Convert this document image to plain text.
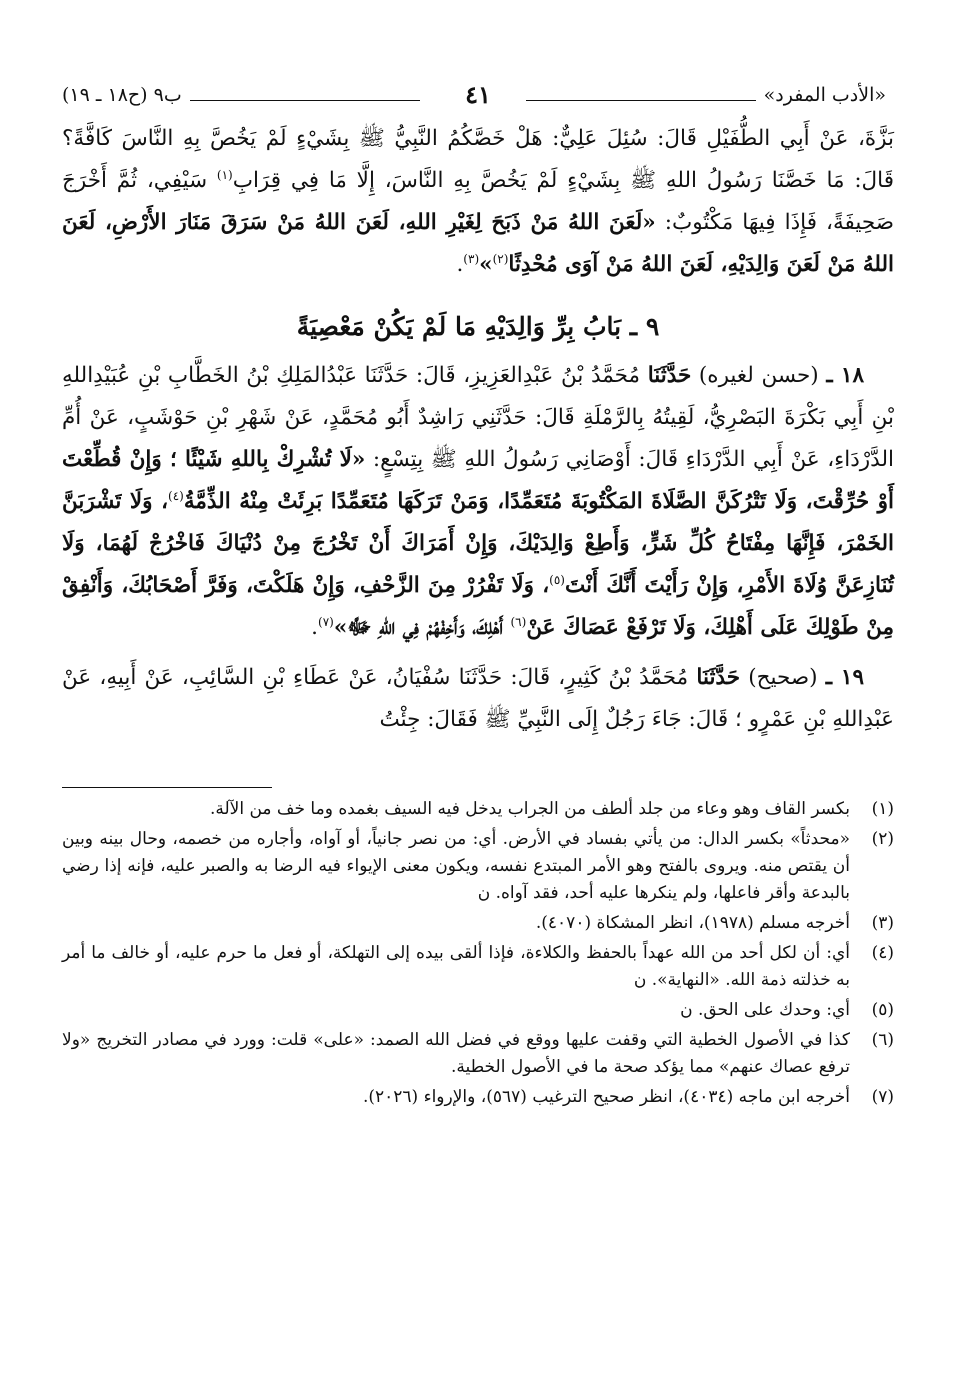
«الأدب المفرد»
٤١
ب٩ (ح١٨ ـ ١٩)

بَزَّةَ، عَنْ أَبِي الطُّفَيْلِ قَالَ: سُئِلَ عَلِيٌّ: هَلْ خَصَّكُمُ النَّبِيُّ ﷺ بِشَيْءٍ لَمْ يَخُصَّ بِهِ النَّاسَ كَافَّةً؟ قَالَ: مَا خَصَّنَا رَسُولُ اللهِ ﷺ بِشَيْءٍ لَمْ يَخُصَّ بِهِ النَّاسَ، إِلَّا مَا فِي قِرَابِ$^{(١)}$ سَيْفِي، ثُمَّ أَخْرَجَ صَحِيفَةً، فَإِذَا فِيهَا مَكْتُوبٌ: «لَعَنَ اللهُ مَنْ ذَبَحَ لِغَيْرِ اللهِ، لَعَنَ اللهُ مَنْ سَرَقَ مَنَارَ الأَرْضِ، لَعَنَ اللهُ مَنْ لَعَنَ وَالِدَيْهِ، لَعَنَ اللهُ مَنْ آوَى مُحْدِثًا$^{(٢)}$»$^{(٣)}$.

٩ ـ بَابُ بِرِّ وَالِدَيْهِ مَا لَمْ يَكُنْ مَعْصِيَةً

١٨ ـ (حسن لغيره) حَدَّثَنَا مُحَمَّدُ بْنُ عَبْدِالعَزِيزِ، قَالَ: حَدَّثَنَا عَبْدُالمَلِكِ بْنُ الخَطَّابِ بْنِ عُبَيْدِاللهِ بْنِ أَبِي بَكْرَةَ البَصْرِيُّ، لَقِيتُهُ بِالرَّمْلَةِ قَالَ: حَدَّثَنِي رَاشِدٌ أَبُو مُحَمَّدٍ، عَنْ شَهْرِ بْنِ حَوْشَبٍ، عَنْ أُمِّ الدَّرْدَاءِ، عَنْ أَبِي الدَّرْدَاءِ قَالَ: أَوْصَانِي رَسُولُ اللهِ ﷺ بِتِسْعٍ: «لَا تُشْرِكْ بِاللهِ شَيْئًا ؛ وَإِنْ قُطِّعْتَ أَوْ حُرِّقْتَ، وَلَا تَتْرُكَنَّ الصَّلَاةَ المَكْتُوبَةَ مُتَعَمِّدًا، وَمَنْ تَرَكَهَا مُتَعَمِّدًا بَرِئَتْ مِنْهُ الذِّمَّةُ$^{(٤)}$، وَلَا تَشْرَبَنَّ الخَمْرَ، فَإِنَّهَا مِفْتَاحُ كُلِّ شَرٍّ، وَأَطِعْ وَالِدَيْكَ، وَإِنْ أَمَرَاكَ أَنْ تَخْرُجَ مِنْ دُنْيَاكَ فَاخْرُجْ لَهُمَا، وَلَا تُنَازِعَنَّ وُلَاةَ الأَمْرِ، وَإِنْ رَأَيْتَ أَنَّكَ أَنْتَ$^{(٥)}$، وَلَا تَفْرُرْ مِنَ الزَّحْفِ، وَإِنْ هَلَكْتَ، وَفَرَّ أَصْحَابُكَ، وَأَنْفِقْ مِنْ طَوْلِكَ عَلَى أَهْلِكَ، وَلَا تَرْفَعْ عَصَاكَ عَنْ$^{(٦)}$ أَهْلِكَ، وَأَخِفْهُمْ فِي اللهِ ﷻ»$^{(٧)}$.

١٩ ـ (صحيح) حَدَّثَنَا مُحَمَّدُ بْنُ كَثِيرٍ، قَالَ: حَدَّثَنَا سُفْيَانُ، عَنْ عَطَاءِ بْنِ السَّائِبِ، عَنْ أَبِيهِ، عَنْ عَبْدِاللهِ بْنِ عَمْرٍو ؛ قَالَ: جَاءَ رَجُلٌ إِلَى النَّبِيِّ ﷺ فَقَالَ: جِئْتُ

(١)
بكسر القاف وهو وعاء من جلد ألطف من الجراب يدخل فيه السيف بغمده وما خف من الآلة.
(٢)
«محدثاً» بكسر الدال: من يأتي بفساد في الأرض. أي: من نصر جانياً، أو آواه، وأجاره من خصمه، وحال بينه وبين أن يقتص منه. ويروى بالفتح وهو الأمر المبتدع نفسه، ويكون معنى الإيواء فيه الرضا به والصبر عليه، فإنه إذا رضي بالبدعة وأقر فاعلها، ولم ينكرها عليه أحد، فقد آواه. ن
(٣)
أخرجه مسلم (١٩٧٨)، انظر المشكاة (٤٠٧٠).
(٤)
أي: أن لكل أحد من الله عهداً بالحفظ والكلاءة، فإذا ألقى بيده إلى التهلكة، أو فعل ما حرم عليه، أو خالف ما أمر به خذلته ذمة الله. «النهاية». ن
(٥)
أي: وحدك على الحق. ن
(٦)
كذا في الأصول الخطية التي وقفت عليها ووقع في فضل الله الصمد: «على» قلت: وورد في مصادر التخريج «ولا ترفع عصاك عنهم» مما يؤكد صحة ما في الأصول الخطية.
(٧)
أخرجه ابن ماجه (٤٠٣٤)، انظر صحيح الترغيب (٥٦٧)، والإرواء (٢٠٢٦).
